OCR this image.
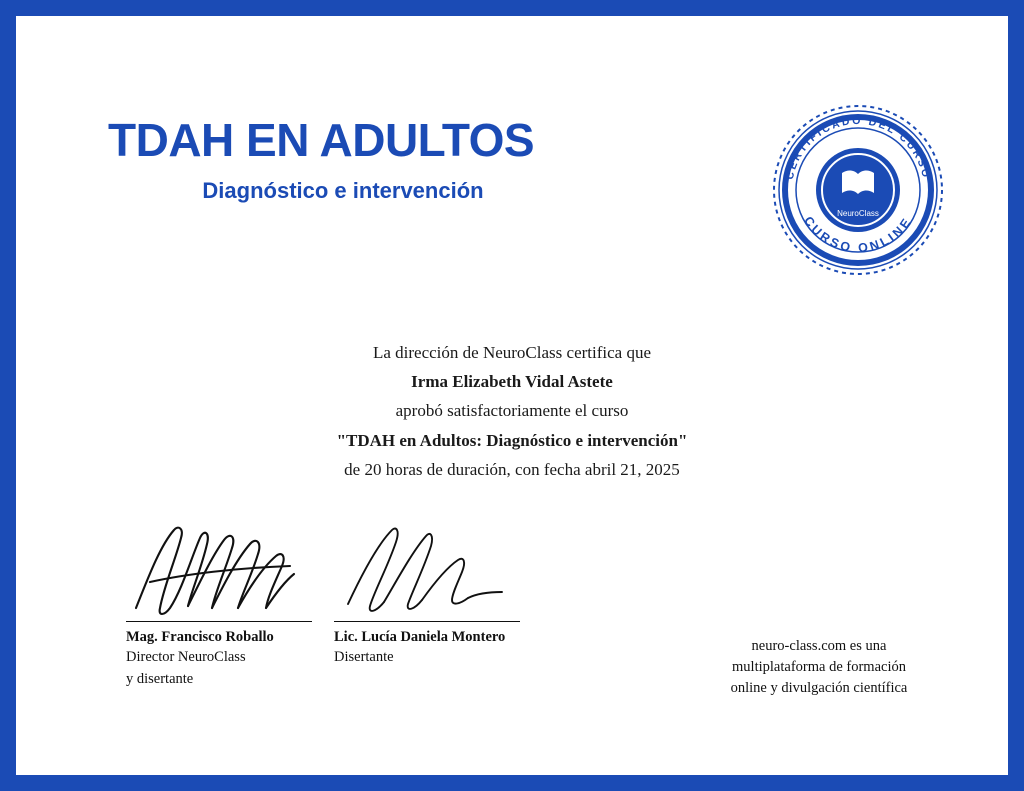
TDAH EN ADULTOS
Diagnóstico e intervención
NeuroClass
CERTIFICADO DEL CURSO
CURSO ONLINE

La dirección de NeuroClass certifica que

Irma Elizabeth Vidal Astete

aprobó satisfactoriamente el curso

"TDAH en Adultos: Diagnóstico e intervención"

de 20 horas de duración, con fecha abril 21, 2025

Mag. Francisco Roballo
Director NeuroClass
y disertante
Lic. Lucía Daniela Montero
Disertante
neuro-class.com es una
multiplataforma de formación
online y divulgación científica
